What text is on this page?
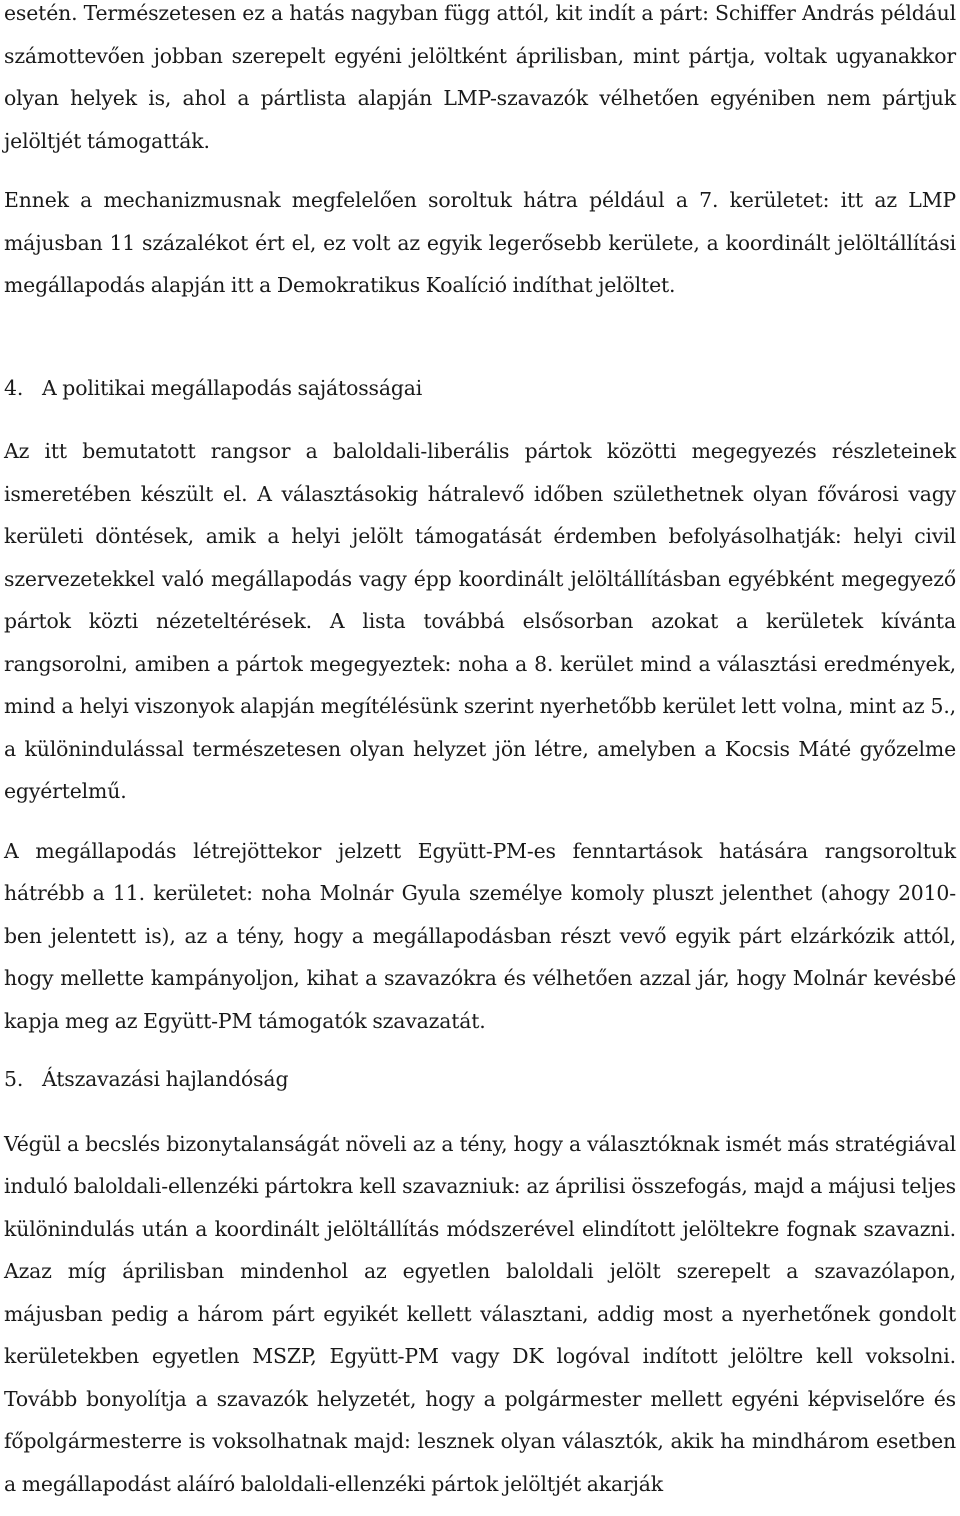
esetén. Természetesen ez a hatás nagyban függ attól, kit indít a párt: Schiffer András például számottevően jobban szerepelt egyéni jelöltként áprilisban, mint pártja, voltak ugyanakkor olyan helyek is, ahol a pártlista alapján LMP-szavazók vélhetően egyéniben nem pártjuk jelöltjét támogatták.

Ennek a mechanizmusnak megfelelően soroltuk hátra például a 7. kerületet: itt az LMP májusban 11 százalékot ért el, ez volt az egyik legerősebb kerülete, a koordinált jelöltállítási megállapodás alapján itt a Demokratikus Koalíció indíthat jelöltet.

4. A politikai megállapodás sajátosságai

Az itt bemutatott rangsor a baloldali-liberális pártok közötti megegyezés részleteinek ismeretében készült el. A választásokig hátralevő időben születhetnek olyan fővárosi vagy kerületi döntések, amik a helyi jelölt támogatását érdemben befolyásolhatják: helyi civil szervezetekkel való megállapodás vagy épp koordinált jelöltállításban egyébként megegyező pártok közti nézeteltérések. A lista továbbá elsősorban azokat a kerületek kívánta rangsorolni, amiben a pártok megegyeztek: noha a 8. kerület mind a választási eredmények, mind a helyi viszonyok alapján megítélésünk szerint nyerhetőbb kerület lett volna, mint az 5., a különindulással természetesen olyan helyzet jön létre, amelyben a Kocsis Máté győzelme egyértelmű.

A megállapodás létrejöttekor jelzett Együtt-PM-es fenntartások hatására rangsoroltuk hátrébb a 11. kerületet: noha Molnár Gyula személye komoly pluszt jelenthet (ahogy 2010-ben jelentett is), az a tény, hogy a megállapodásban részt vevő egyik párt elzárkózik attól, hogy mellette kampányoljon, kihat a szavazókra és vélhetően azzal jár, hogy Molnár kevésbé kapja meg az Együtt-PM támogatók szavazatát.

5. Átszavazási hajlandóság

Végül a becslés bizonytalanságát növeli az a tény, hogy a választóknak ismét más stratégiával induló baloldali-ellenzéki pártokra kell szavazniuk: az áprilisi összefogás, majd a májusi teljes különindulás után a koordinált jelöltállítás módszerével elindított jelöltekre fognak szavazni. Azaz míg áprilisban mindenhol az egyetlen baloldali jelölt szerepelt a szavazólapon, májusban pedig a három párt egyikét kellett választani, addig most a nyerhetőnek gondolt kerületekben egyetlen MSZP, Együtt-PM vagy DK logóval indított jelöltre kell voksolni. Tovább bonyolítja a szavazók helyzetét, hogy a polgármester mellett egyéni képviselőre és főpolgármesterre is voksolhatnak majd: lesznek olyan választók, akik ha mindhárom esetben a megállapodást aláíró baloldali-ellenzéki pártok jelöltjét akarják
